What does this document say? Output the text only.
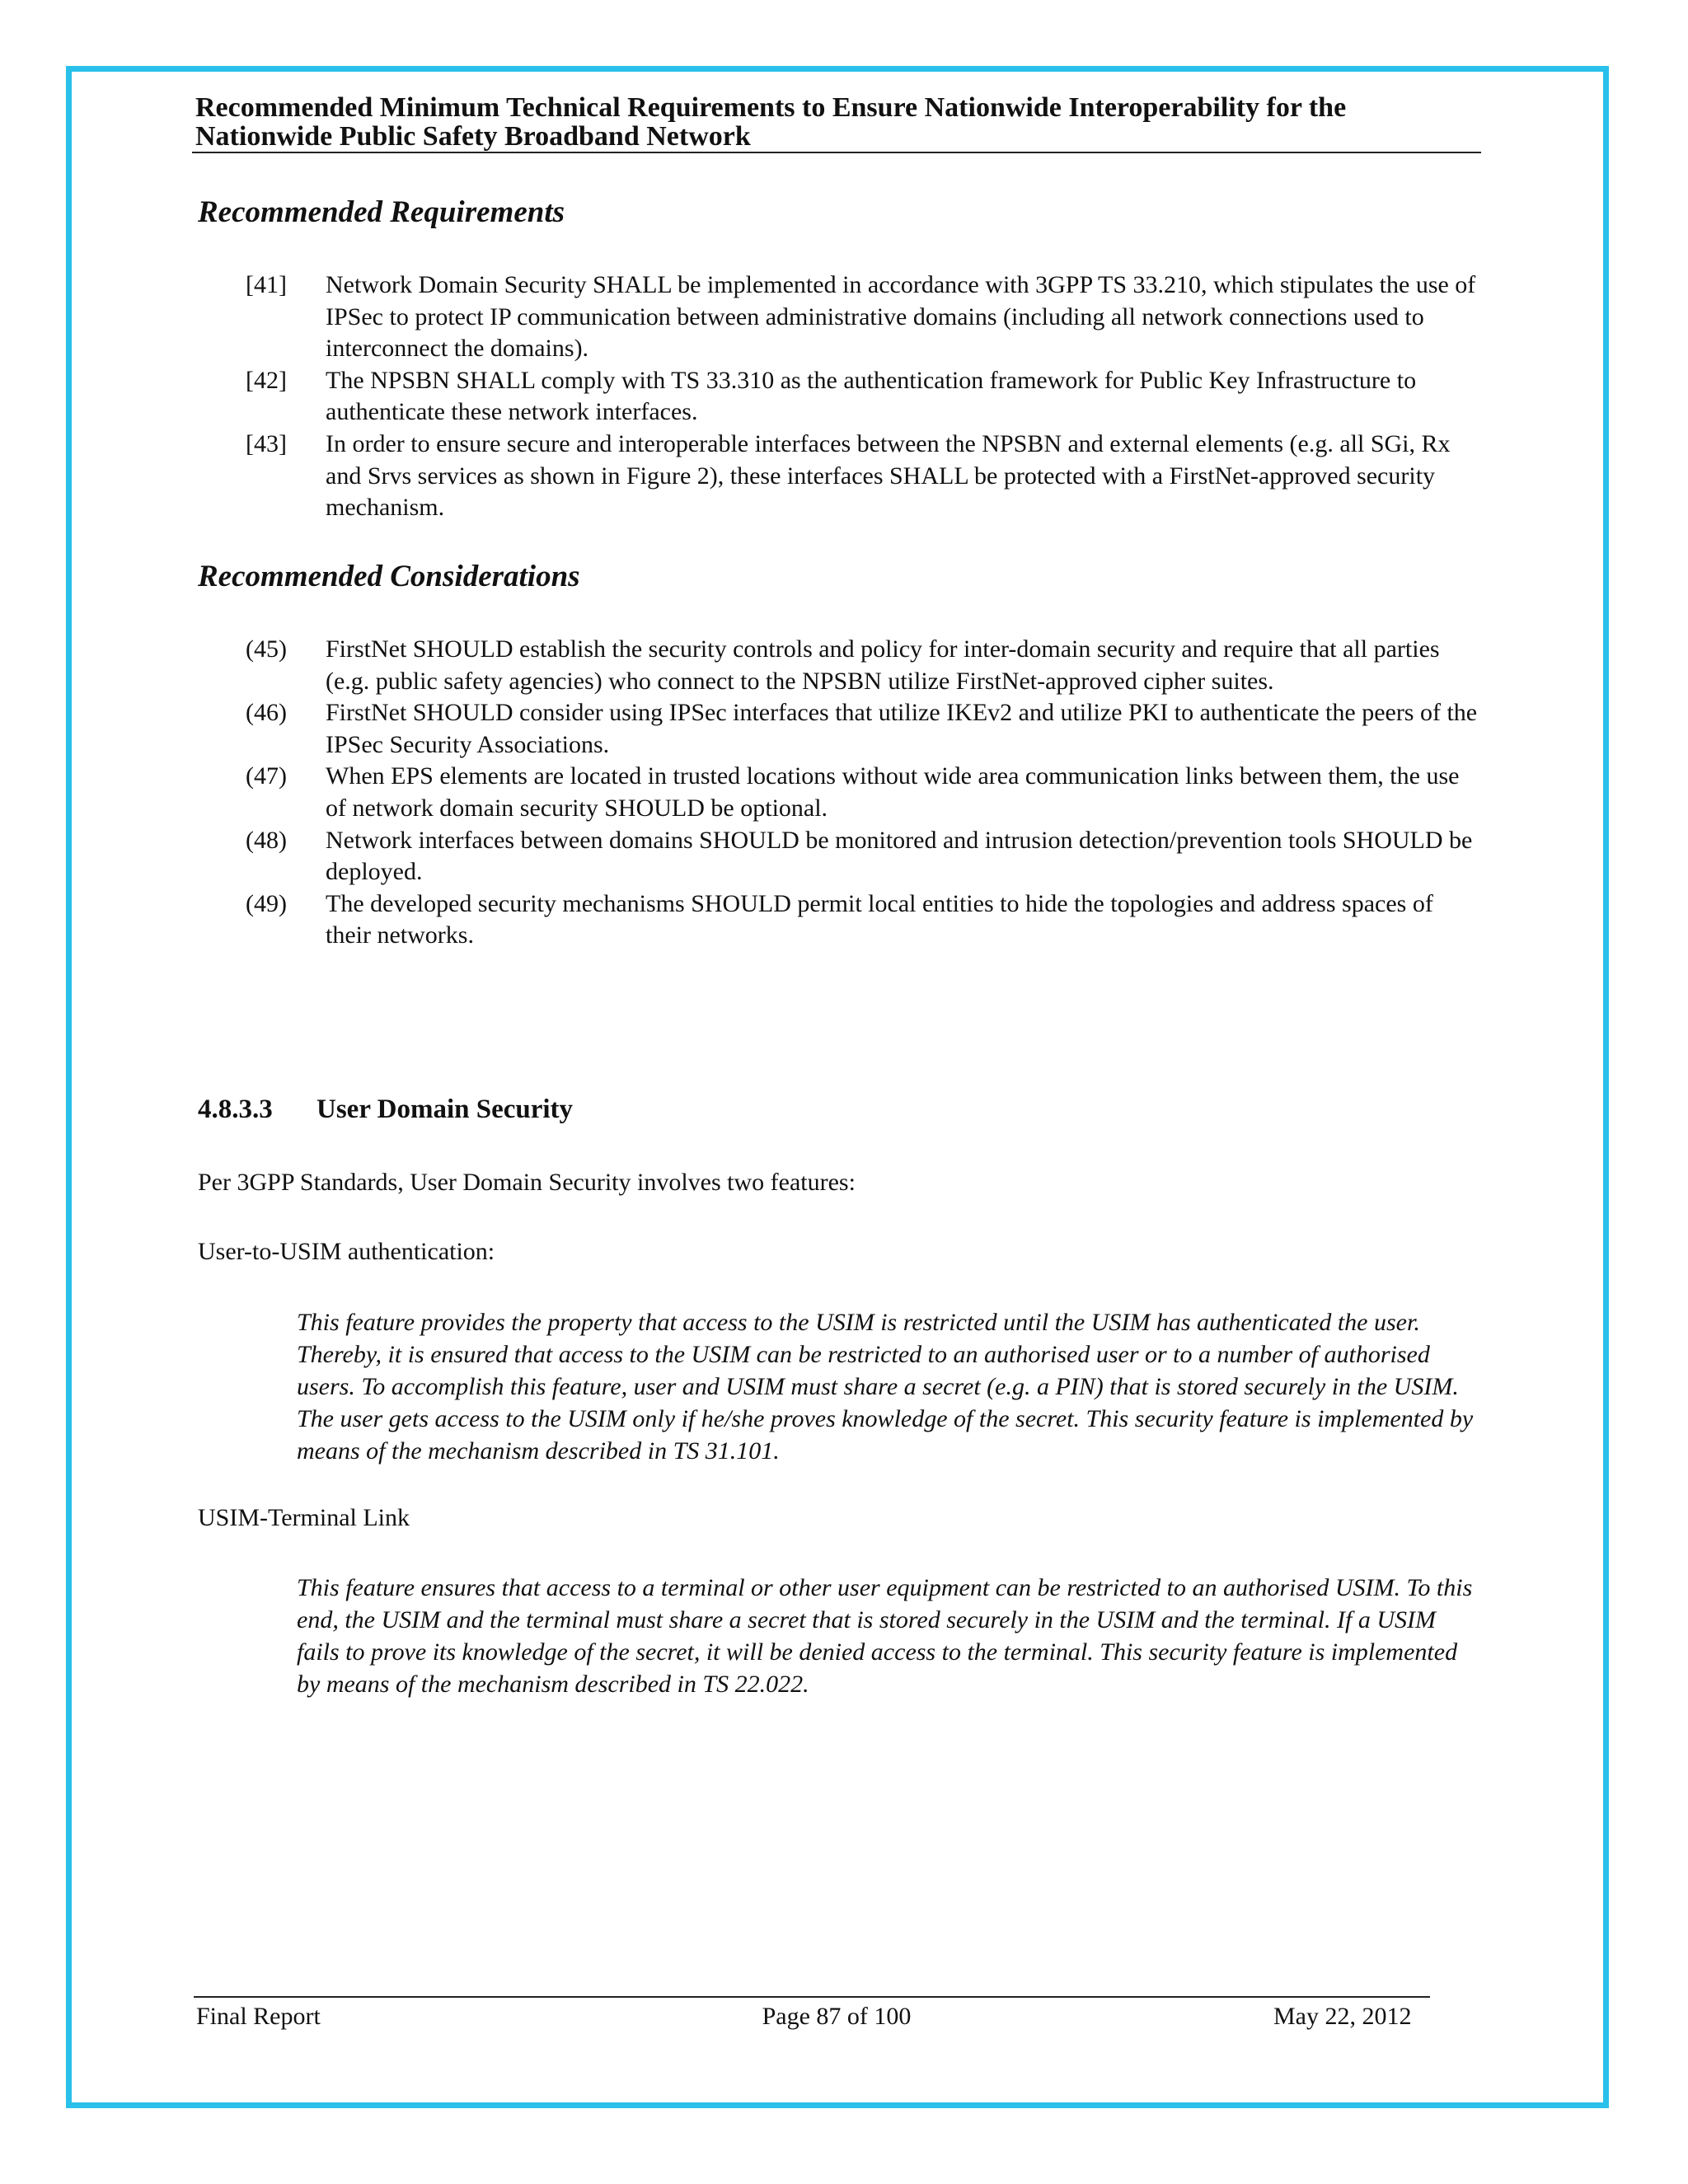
Recommended Minimum Technical Requirements to Ensure Nationwide Interoperability for the
Nationwide Public Safety Broadband Network
Recommended Requirements
[41] Network Domain Security SHALL be implemented in accordance with 3GPP TS 33.210, which stipulates the use of IPSec to protect IP communication between administrative domains (including all network connections used to interconnect the domains).
[42] The NPSBN SHALL comply with TS 33.310 as the authentication framework for Public Key Infrastructure to authenticate these network interfaces.
[43] In order to ensure secure and interoperable interfaces between the NPSBN and external elements (e.g. all SGi, Rx and Srvs services as shown in Figure 2), these interfaces SHALL be protected with a FirstNet-approved security mechanism.
Recommended Considerations
(45) FirstNet SHOULD establish the security controls and policy for inter-domain security and require that all parties (e.g. public safety agencies) who connect to the NPSBN utilize FirstNet-approved cipher suites.
(46) FirstNet SHOULD consider using IPSec interfaces that utilize IKEv2 and utilize PKI to authenticate the peers of the IPSec Security Associations.
(47) When EPS elements are located in trusted locations without wide area communication links between them, the use of network domain security SHOULD be optional.
(48) Network interfaces between domains SHOULD be monitored and intrusion detection/prevention tools SHOULD be deployed.
(49) The developed security mechanisms SHOULD permit local entities to hide the topologies and address spaces of their networks.
4.8.3.3 User Domain Security
Per 3GPP Standards, User Domain Security involves two features:
User-to-USIM authentication:
This feature provides the property that access to the USIM is restricted until the USIM has authenticated the user. Thereby, it is ensured that access to the USIM can be restricted to an authorised user or to a number of authorised users. To accomplish this feature, user and USIM must share a secret (e.g. a PIN) that is stored securely in the USIM. The user gets access to the USIM only if he/she proves knowledge of the secret. This security feature is implemented by means of the mechanism described in TS 31.101.
USIM-Terminal Link
This feature ensures that access to a terminal or other user equipment can be restricted to an authorised USIM. To this end, the USIM and the terminal must share a secret that is stored securely in the USIM and the terminal. If a USIM fails to prove its knowledge of the secret, it will be denied access to the terminal. This security feature is implemented by means of the mechanism described in TS 22.022.
Final Report	Page 87 of 100	May 22, 2012
